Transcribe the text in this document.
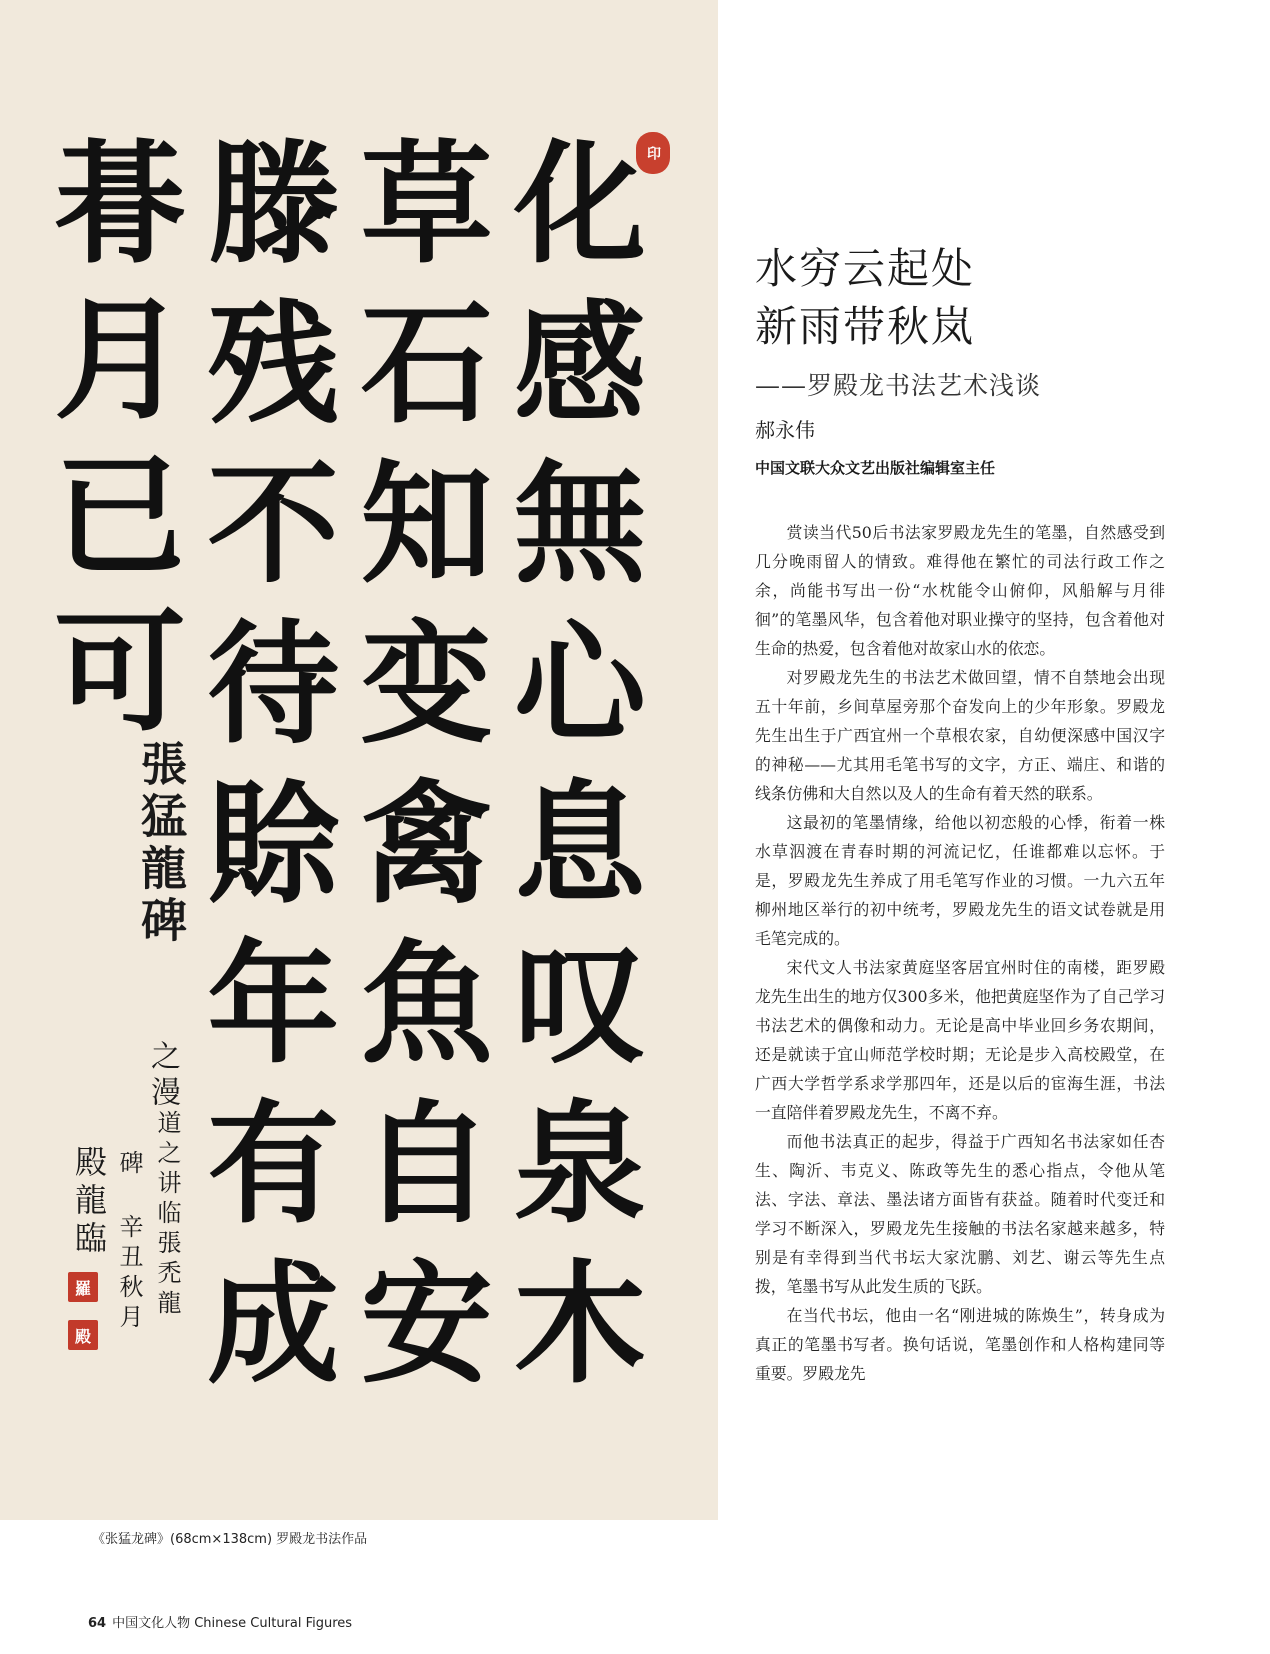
印
化
感
無
心
息
叹
泉
木
草
石
知
变
禽
魚
自
安
滕
残
不
待
賒
年
有
成
朞
月
已
可
張猛龍碑
之漫
道之讲临張禿龍
碑 辛丑秋月
殿龍臨
羅
殿
《张猛龙碑》(68cm×138cm) 罗殿龙书法作品
64 中国文化人物 Chinese Cultural Figures
水穷云起处
新雨带秋岚
——罗殿龙书法艺术浅谈
郝永伟
中国文联大众文艺出版社编辑室主任

赏读当代50后书法家罗殿龙先生的笔墨，自然感受到几分晚雨留人的情致。难得他在繁忙的司法行政工作之余，尚能书写出一份“水枕能令山俯仰，风船解与月徘徊”的笔墨风华，包含着他对职业操守的坚持，包含着他对生命的热爱，包含着他对故家山水的依恋。

对罗殿龙先生的书法艺术做回望，情不自禁地会出现五十年前，乡间草屋旁那个奋发向上的少年形象。罗殿龙先生出生于广西宜州一个草根农家，自幼便深感中国汉字的神秘——尤其用毛笔书写的文字，方正、端庄、和谐的线条仿佛和大自然以及人的生命有着天然的联系。

这最初的笔墨情缘，给他以初恋般的心悸，衔着一株水草泅渡在青春时期的河流记忆，任谁都难以忘怀。于是，罗殿龙先生养成了用毛笔写作业的习惯。一九六五年柳州地区举行的初中统考，罗殿龙先生的语文试卷就是用毛笔完成的。

宋代文人书法家黄庭坚客居宜州时住的南楼，距罗殿龙先生出生的地方仅300多米，他把黄庭坚作为了自己学习书法艺术的偶像和动力。无论是高中毕业回乡务农期间，还是就读于宜山师范学校时期；无论是步入高校殿堂，在广西大学哲学系求学那四年，还是以后的宦海生涯，书法一直陪伴着罗殿龙先生，不离不弃。

而他书法真正的起步，得益于广西知名书法家如任杏生、陶沂、韦克义、陈政等先生的悉心指点，令他从笔法、字法、章法、墨法诸方面皆有获益。随着时代变迁和学习不断深入，罗殿龙先生接触的书法名家越来越多，特别是有幸得到当代书坛大家沈鹏、刘艺、谢云等先生点拨，笔墨书写从此发生质的飞跃。

在当代书坛，他由一名“刚进城的陈焕生”，转身成为真正的笔墨书写者。换句话说，笔墨创作和人格构建同等重要。罗殿龙先
